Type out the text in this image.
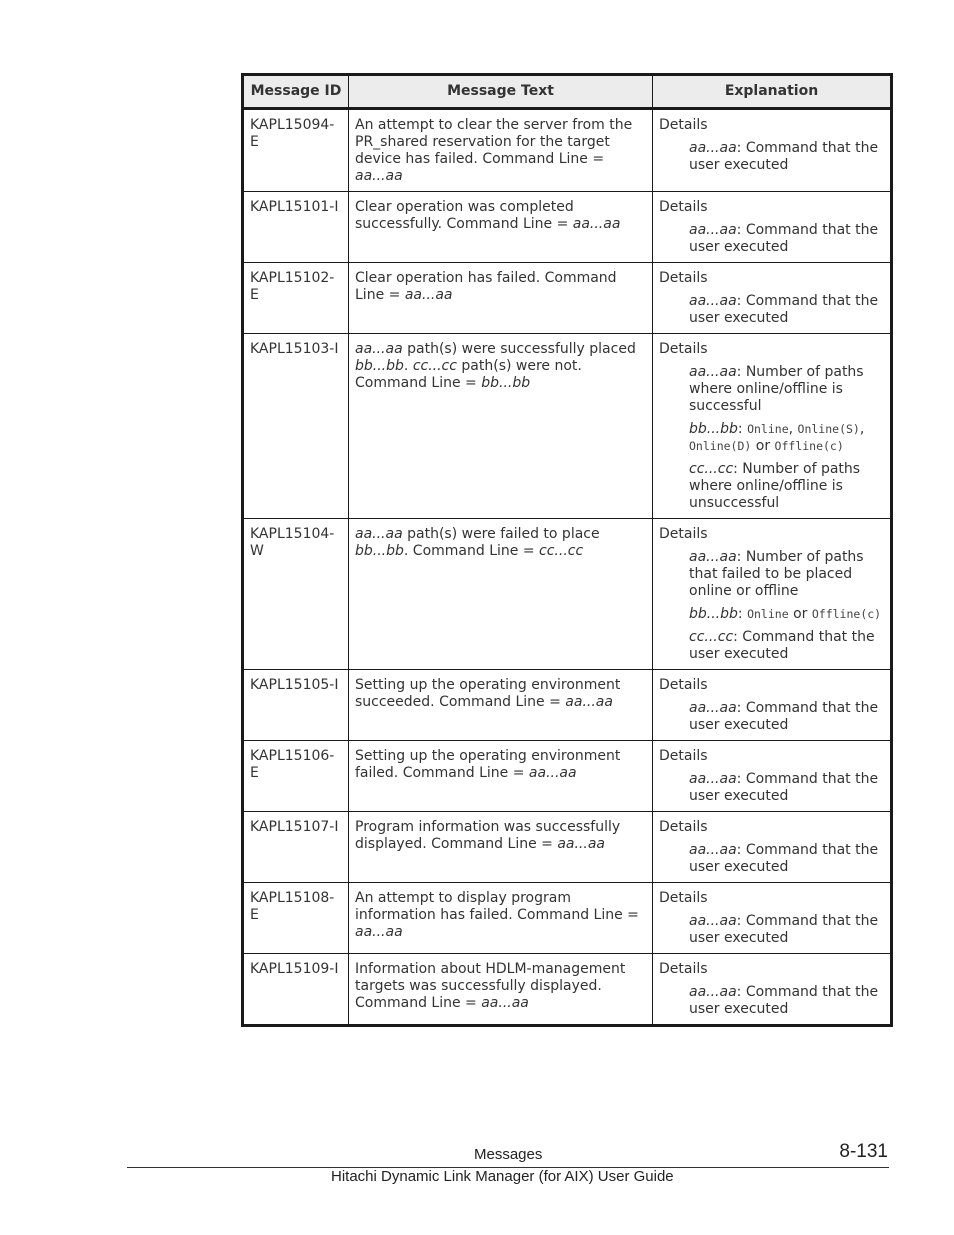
Message ID	Message Text	Explanation
KAPL15094-E	An attempt to clear the server from the PR_shared reservation for the target device has failed. Command Line = aa...aa	Details
aa...aa: Command that the user executed

KAPL15101-I	Clear operation was completed successfully. Command Line = aa...aa	Details
aa...aa: Command that the user executed

KAPL15102-E	Clear operation has failed. Command Line = aa...aa	Details
aa...aa: Command that the user executed

KAPL15103-I	aa...aa path(s) were successfully placed bb...bb. cc...cc path(s) were not. Command Line = bb...bb	Details
aa...aa: Number of paths where online/offline is successful
bb...bb: Online, Online(S), Online(D) or Offline(c)
cc...cc: Number of paths where online/offline is unsuccessful

KAPL15104-W	aa...aa path(s) were failed to place bb...bb. Command Line = cc...cc	Details
aa...aa: Number of paths that failed to be placed online or offline
bb...bb: Online or Offline(c)
cc...cc: Command that the user executed

KAPL15105-I	Setting up the operating environment succeeded. Command Line = aa...aa	Details
aa...aa: Command that the user executed

KAPL15106-E	Setting up the operating environment failed. Command Line = aa...aa	Details
aa...aa: Command that the user executed

KAPL15107-I	Program information was successfully displayed. Command Line = aa...aa	Details
aa...aa: Command that the user executed

KAPL15108-E	An attempt to display program information has failed. Command Line = aa...aa	Details
aa...aa: Command that the user executed

KAPL15109-I	Information about HDLM-management targets was successfully displayed. Command Line = aa...aa	Details
aa...aa: Command that the user executed
Messages	8-131
Hitachi Dynamic Link Manager (for AIX) User Guide
